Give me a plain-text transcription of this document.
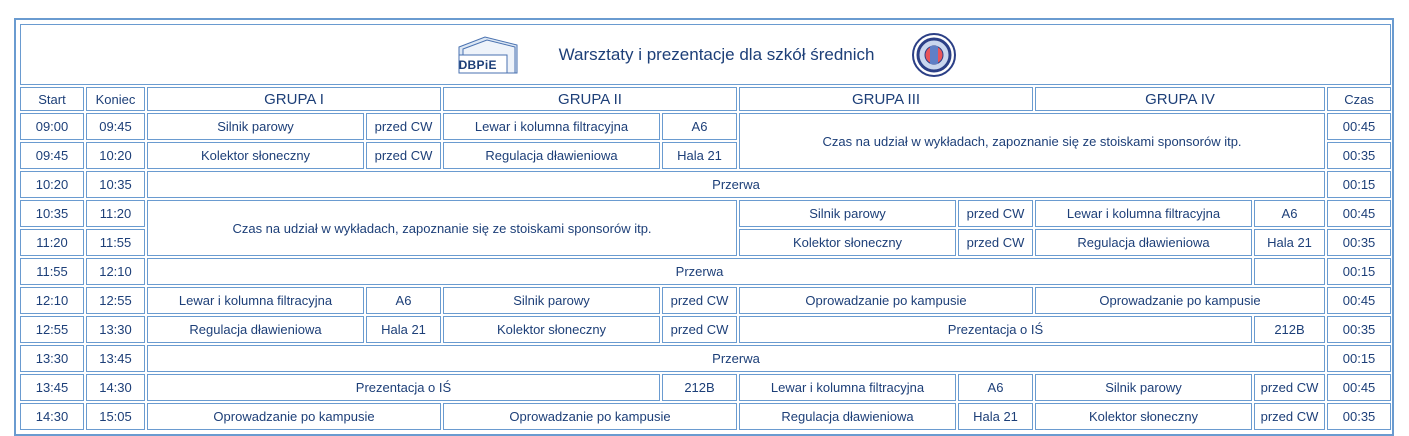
DBPiE
Warsztaty i prezentacje dla szkół średnich										

Start	Koniec	GRUPA I		GRUPA II		GRUPA III		GRUPA IV		Czas
09:00	09:45	Silnik parowy	przed CW	Lewar i kolumna filtracyjna	A6	Czas na udział w wykładach, zapoznanie się ze stoiskami sponsorów itp.				00:45
09:45	10:20	Kolektor słoneczny	przed CW	Regulacja dławieniowa	Hala 21					00:35
10:20	10:35	Przerwa								00:15
10:35	11:20	Czas na udział w wykładach, zapoznanie się ze stoiskami sponsorów itp.				Silnik parowy	przed CW	Lewar i kolumna filtracyjna	A6	00:45
11:20	11:55					Kolektor słoneczny	przed CW	Regulacja dławieniowa	Hala 21	00:35
11:55	12:10	Przerwa								00:15
12:10	12:55	Lewar i kolumna filtracyjna	A6	Silnik parowy	przed CW	Oprowadzanie po kampusie		Oprowadzanie po kampusie		00:45
12:55	13:30	Regulacja dławieniowa	Hala 21	Kolektor słoneczny	przed CW	Prezentacja o IŚ			212B	00:35
13:30	13:45	Przerwa								00:15
13:45	14:30	Prezentacja o IŚ			212B	Lewar i kolumna filtracyjna	A6	Silnik parowy	przed CW	00:45
14:30	15:05	Oprowadzanie po kampusie		Oprowadzanie po kampusie		Regulacja dławieniowa	Hala 21	Kolektor słoneczny	przed CW	00:35
